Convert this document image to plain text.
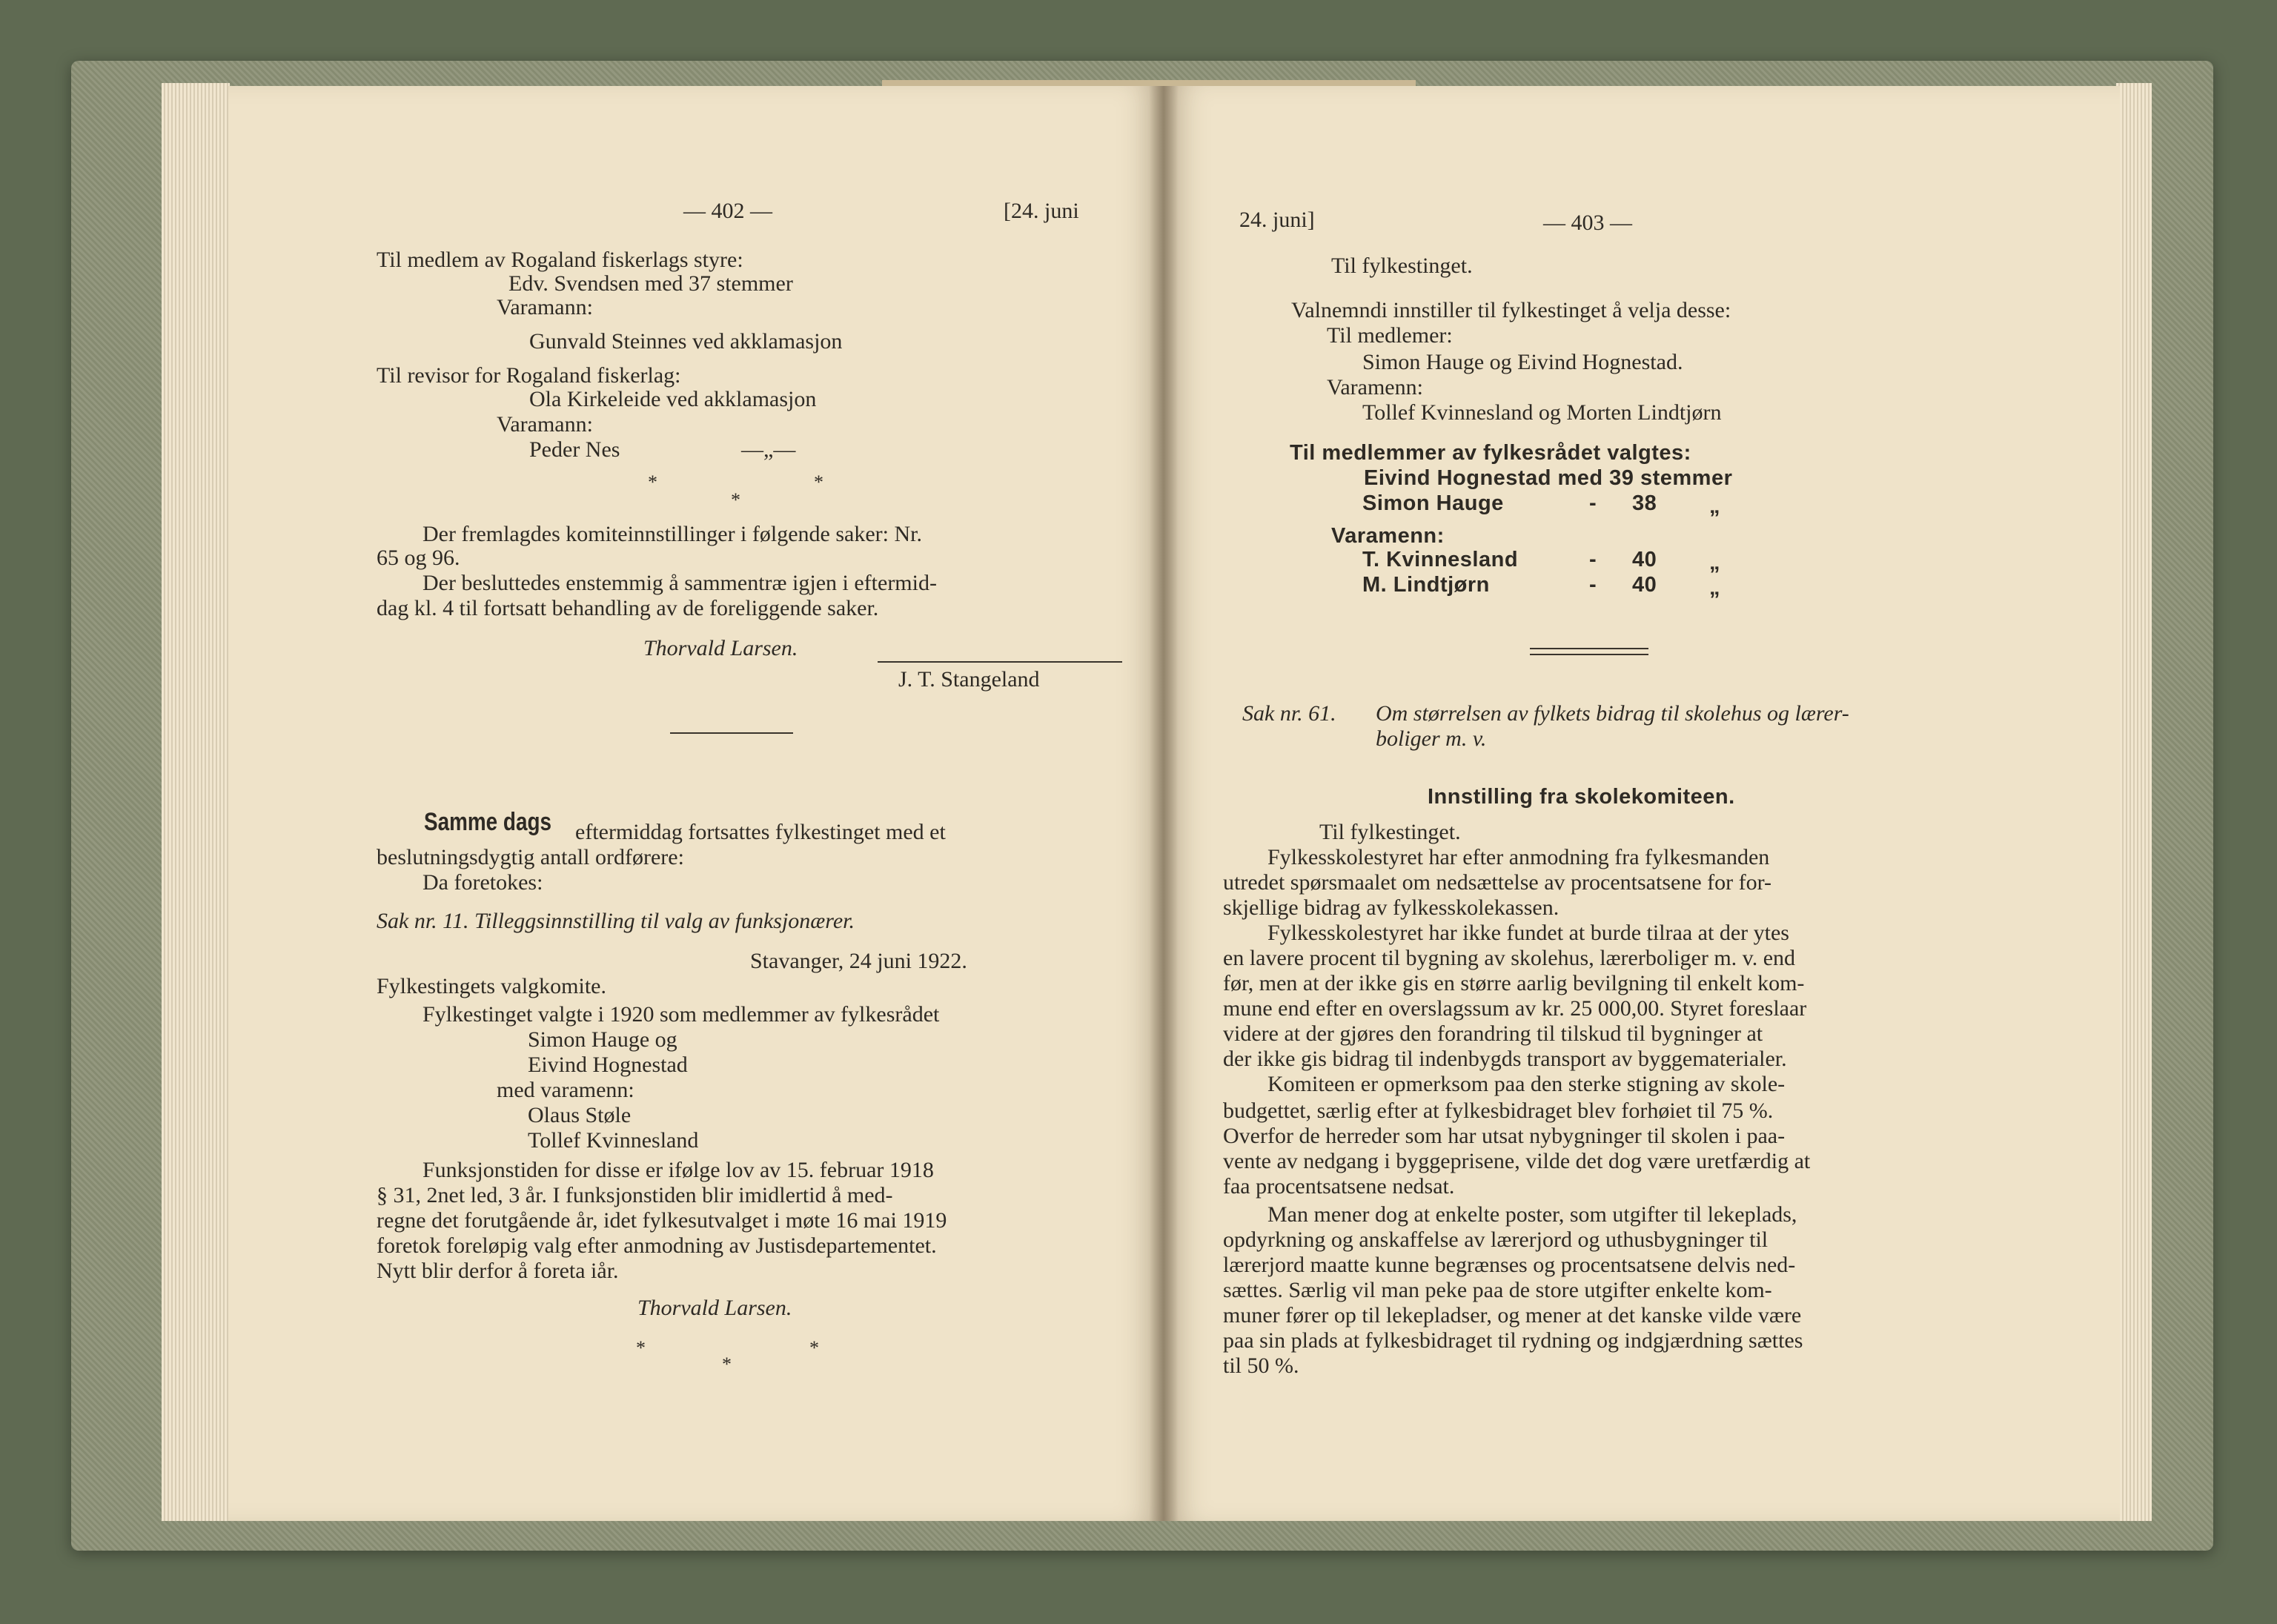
— 402 —	[24. juni
Til medlem av Rogaland fiskerlags styre:
Edv. Svendsen med 37 stemmer
Varamann:
Gunvald Steinnes ved akklamasjon
Til revisor for Rogaland fiskerlag:
Ola Kirkeleide ved akklamasjon
Varamann:
Peder Nes	—„—
*	*
*
Der fremlagdes komiteinnstillinger i følgende saker: Nr.
65 og 96.
Der besluttedes enstemmig å sammentræ igjen i eftermid-
dag kl. 4 til fortsatt behandling av de foreliggende saker.
Thorvald Larsen.
J. T. Stangeland
Samme dags eftermiddag fortsattes fylkestinget med et
beslutningsdygtig antall ordførere:
Da foretokes:
Sak nr. 11. Tilleggsinnstilling til valg av funksjonærer.
Stavanger, 24 juni 1922.
Fylkestingets valgkomite.
Fylkestinget valgte i 1920 som medlemmer av fylkesrådet
Simon Hauge og
Eivind Hognestad
med varamenn:
Olaus Støle
Tollef Kvinnesland
Funksjonstiden for disse er ifølge lov av 15. februar 1918
§ 31, 2net led, 3 år. I funksjonstiden blir imidlertid å med-
regne det forutgående år, idet fylkesutvalget i møte 16 mai 1919
foretok foreløpig valg efter anmodning av Justisdepartementet.
Nytt blir derfor å foreta iår.
Thorvald Larsen.
*	*
*
24. juni]	— 403 —
Til fylkestinget.
Valnemndi innstiller til fylkestinget å velja desse:
Til medlemer:
Simon Hauge og Eivind Hognestad.
Varamenn:
Tollef Kvinnesland og Morten Lindtjørn
Til medlemmer av fylkesrådet valgtes:
Eivind Hognestad med 39 stemmer
Simon Hauge	- 38 „
Varamenn:
T. Kvinnesland	- 40 „
M. Lindtjørn	- 40 „
Sak nr. 61. Om størrelsen av fylkets bidrag til skolehus og lærer-
boliger m. v.
Innstilling fra skolekomiteen.
Til fylkestinget.
Fylkesskolestyret har efter anmodning fra fylkesmanden
utredet spørsmaalet om nedsættelse av procentsatsene for for-
skjellige bidrag av fylkesskolekassen.
Fylkesskolestyret har ikke fundet at burde tilraa at der ytes
en lavere procent til bygning av skolehus, lærerboliger m. v. end
før, men at der ikke gis en større aarlig bevilgning til enkelt kom-
mune end efter en overslagssum av kr. 25 000,00. Styret foreslaar
videre at der gjøres den forandring til tilskud til bygninger at
der ikke gis bidrag til indenbygds transport av byggematerialer.
Komiteen er opmerksom paa den sterke stigning av skole-
budgettet, særlig efter at fylkesbidraget blev forhøiet til 75 %.
Overfor de herreder som har utsat nybygninger til skolen i paa-
vente av nedgang i byggeprisene, vilde det dog være uretfærdig at
faa procentsatsene nedsat.
Man mener dog at enkelte poster, som utgifter til lekeplads,
opdyrkning og anskaffelse av lærerjord og uthusbygninger til
lærerjord maatte kunne begrænses og procentsatsene delvis ned-
sættes. Særlig vil man peke paa de store utgifter enkelte kom-
muner fører op til lekepladser, og mener at det kanske vilde være
paa sin plads at fylkesbidraget til rydning og indgjærdning sættes
til 50 %.
